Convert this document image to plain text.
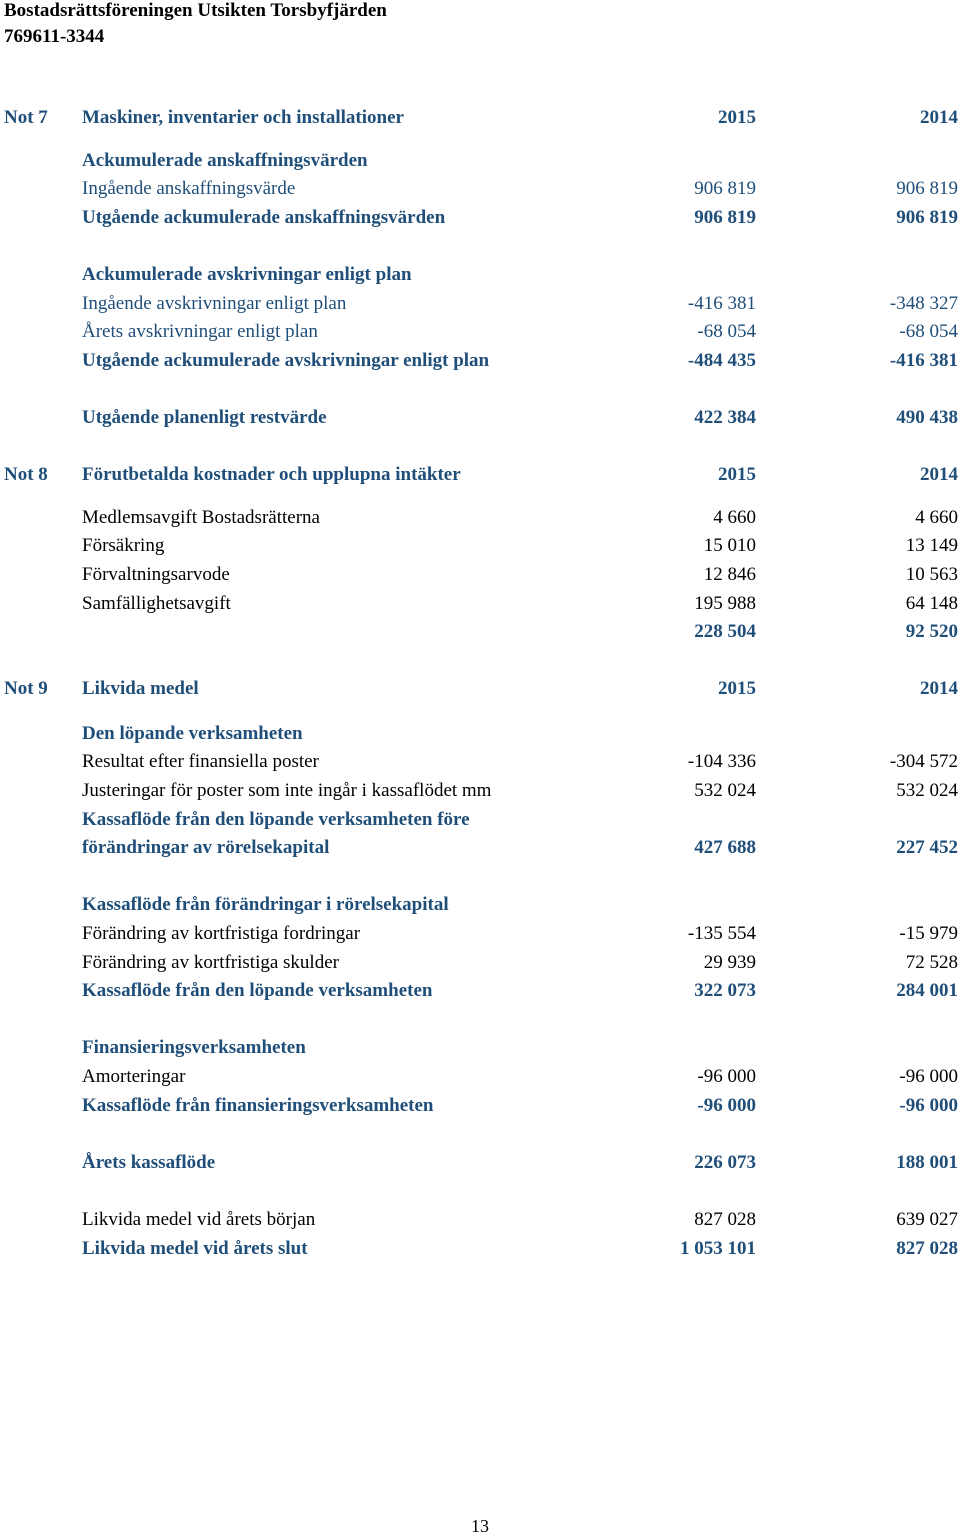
Bostadsrättsföreningen Utsikten Torsbyfjärden
769611-3344
Not 7 Maskiner, inventarier och installationer	2015	2014
Ackumulerade anskaffningsvärden
Ingående anskaffningsvärde	906 819	906 819
Utgående ackumulerade anskaffningsvärden	906 819	906 819
Ackumulerade avskrivningar enligt plan
Ingående avskrivningar enligt plan	-416 381	-348 327
Årets avskrivningar enligt plan	-68 054	-68 054
Utgående ackumulerade avskrivningar enligt plan	-484 435	-416 381
Utgående planenligt restvärde	422 384	490 438
Not 8 Förutbetalda kostnader och upplupna intäkter	2015	2014
Medlemsavgift Bostadsrätterna	4 660	4 660
Försäkring	15 010	13 149
Förvaltningsarvode	12 846	10 563
Samfällighetsavgift	195 988	64 148
228 504	92 520
Not 9 Likvida medel	2015	2014
Den löpande verksamheten
Resultat efter finansiella poster	-104 336	-304 572
Justeringar för poster som inte ingår i kassaflödet mm	532 024	532 024
Kassaflöde från den löpande verksamheten före
förändringar av rörelsekapital	427 688	227 452
Kassaflöde från förändringar i rörelsekapital
Förändring av kortfristiga fordringar	-135 554	-15 979
Förändring av kortfristiga skulder	29 939	72 528
Kassaflöde från den löpande verksamheten	322 073	284 001
Finansieringsverksamheten
Amorteringar	-96 000	-96 000
Kassaflöde från finansieringsverksamheten	-96 000	-96 000
Årets kassaflöde	226 073	188 001
Likvida medel vid årets början	827 028	639 027
Likvida medel vid årets slut	1 053 101	827 028
13
